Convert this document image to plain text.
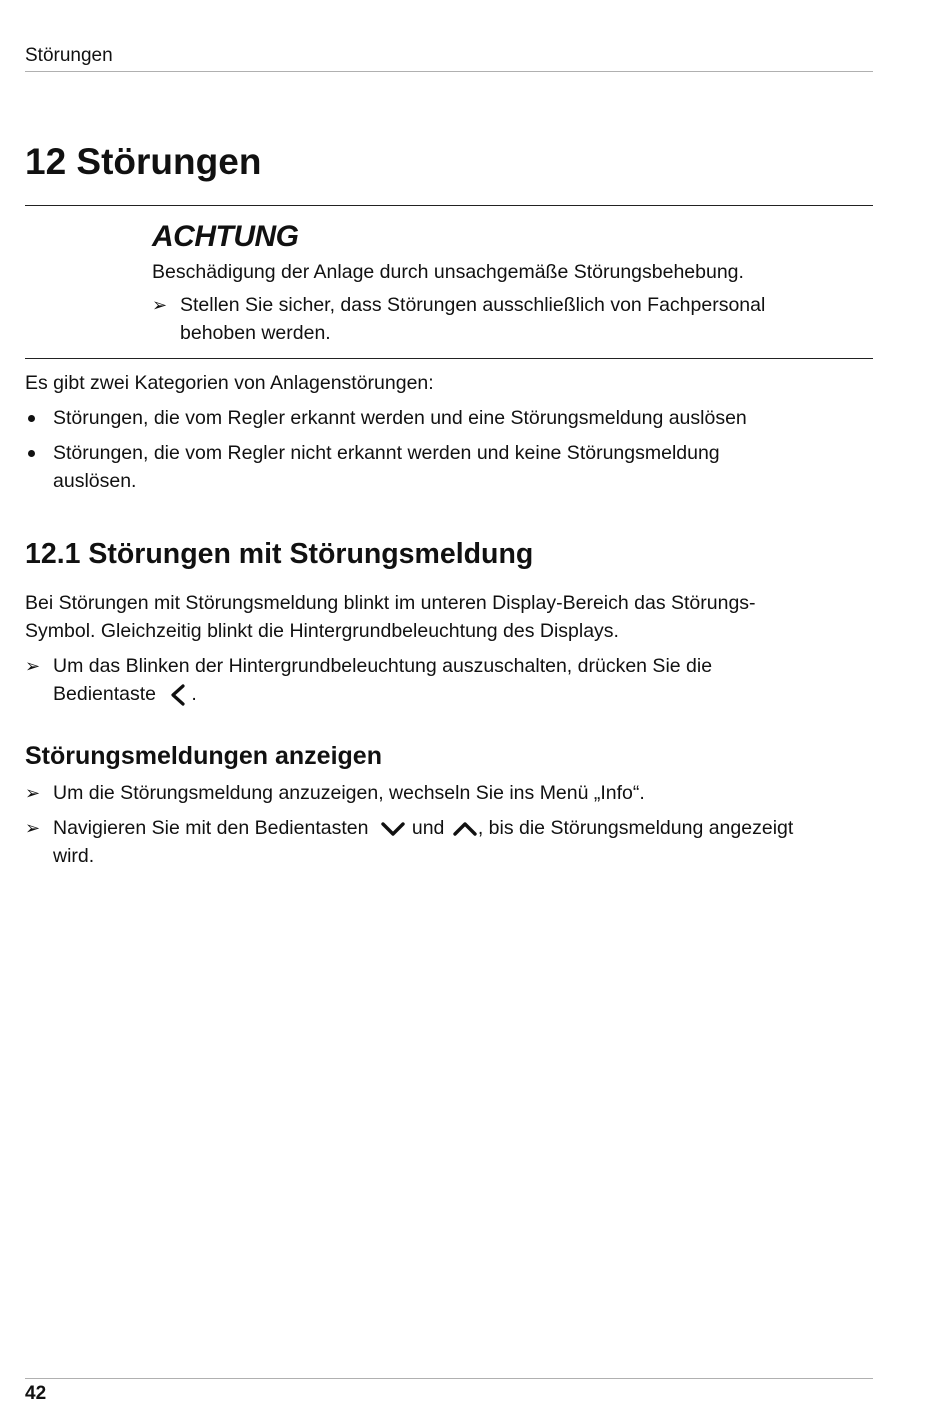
Störungen
12 Störungen
ACHTUNG
Beschädigung der Anlage durch unsachgemäße Störungsbehebung.
➢ Stellen Sie sicher, dass Störungen ausschließlich von Fachpersonal
behoben werden.
Es gibt zwei Kategorien von Anlagenstörungen:
Störungen, die vom Regler erkannt werden und eine Störungsmeldung auslösen
Störungen, die vom Regler nicht erkannt werden und keine Störungsmeldung
auslösen.
12.1 Störungen mit Störungsmeldung
Bei Störungen mit Störungsmeldung blinkt im unteren Display-Bereich das Störungs-
Symbol. Gleichzeitig blinkt die Hintergrundbeleuchtung des Displays.
➢ Um das Blinken der Hintergrundbeleuchtung auszuschalten, drücken Sie die
Bedientaste .
Störungsmeldungen anzeigen
➢ Um die Störungsmeldung anzuzeigen, wechseln Sie ins Menü „Info“.
➢ Navigieren Sie mit den Bedientasten und , bis die Störungsmeldung angezeigt
wird.
42
